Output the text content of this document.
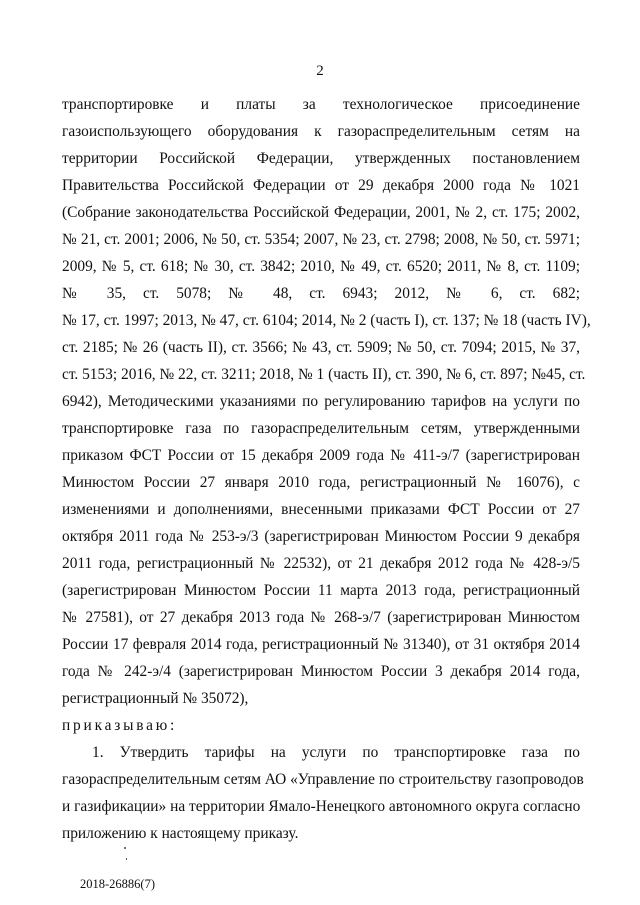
2
транспортировке и платы за технологическое присоединение
газоиспользующего оборудования к газораспределительным сетям на
территории Российской Федерации, утвержденных постановлением
Правительства Российской Федерации от 29 декабря 2000 года № 1021
(Собрание законодательства Российской Федерации, 2001, № 2, ст. 175; 2002,
№ 21, ст. 2001; 2006, № 50, ст. 5354; 2007, № 23, ст. 2798; 2008, № 50, ст. 5971;
2009, № 5, ст. 618; № 30, ст. 3842; 2010, № 49, ст. 6520; 2011, № 8, ст. 1109;
№ 35, ст. 5078; № 48, ст. 6943; 2012, № 6, ст. 682;
№ 17, ст. 1997; 2013, № 47, ст. 6104; 2014, № 2 (часть I), ст. 137; № 18 (часть IV),
ст. 2185; № 26 (часть II), ст. 3566; № 43, ст. 5909; № 50, ст. 7094; 2015, № 37,
ст. 5153; 2016, № 22, ст. 3211; 2018, № 1 (часть II), ст. 390, № 6, ст. 897; №45, ст.
6942), Методическими указаниями по регулированию тарифов на услуги по
транспортировке газа по газораспределительным сетям, утвержденными
приказом ФСТ России от 15 декабря 2009 года № 411-э/7 (зарегистрирован
Минюстом России 27 января 2010 года, регистрационный № 16076), с
изменениями и дополнениями, внесенными приказами ФСТ России от 27
октября 2011 года № 253-э/3 (зарегистрирован Минюстом России 9 декабря
2011 года, регистрационный № 22532), от 21 декабря 2012 года № 428-э/5
(зарегистрирован Минюстом России 11 марта 2013 года, регистрационный
№ 27581), от 27 декабря 2013 года № 268-э/7 (зарегистрирован Минюстом
России 17 февраля 2014 года, регистрационный № 31340), от 31 октября 2014
года № 242-э/4 (зарегистрирован Минюстом России 3 декабря 2014 года,
регистрационный № 35072),
приказываю:
1. Утвердить тарифы на услуги по транспортировке газа по
газораспределительным сетям АО «Управление по строительству газопроводов
и газификации» на территории Ямало-Ненецкого автономного округа согласно
приложению к настоящему приказу.
2018-26886(7)
